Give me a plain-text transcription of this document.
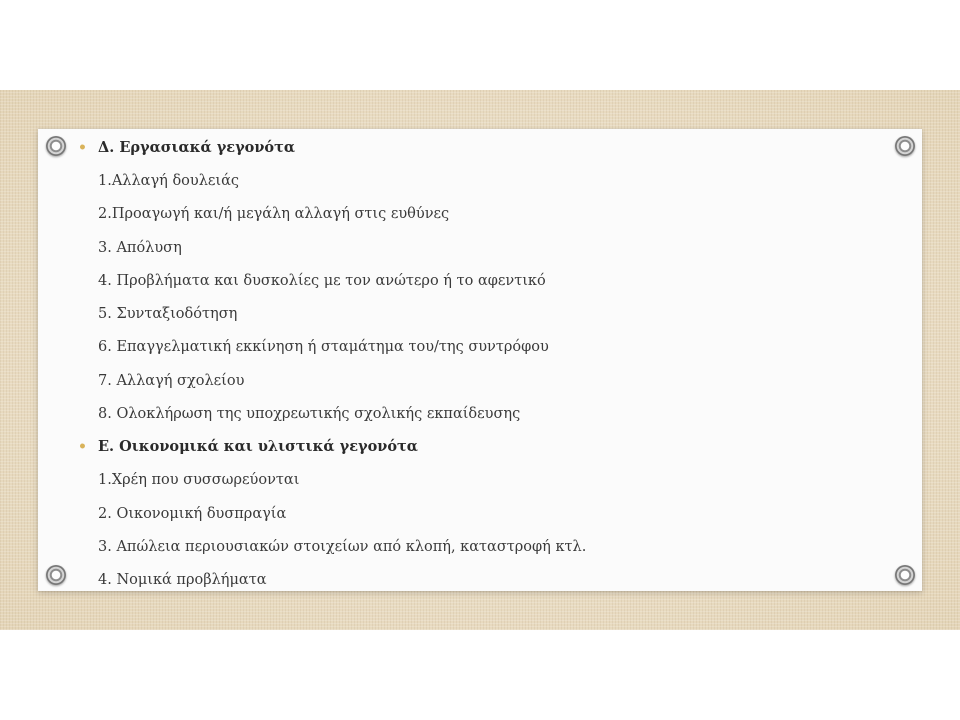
• Δ. Εργασιακά γεγονότα
1.Αλλαγή δουλειάς
2.Προαγωγή και/ή μεγάλη αλλαγή στις ευθύνες
3. Απόλυση
4. Προβλήματα και δυσκολίες με τον ανώτερο ή το αφεντικό
5. Συνταξιοδότηση
6. Επαγγελματική εκκίνηση ή σταμάτημα του/της συντρόφου
7. Αλλαγή σχολείου
8. Ολοκλήρωση της υποχρεωτικής σχολικής εκπαίδευσης
• Ε. Οικονομικά και υλιστικά γεγονότα
1.Χρέη που συσσωρεύονται
2. Οικονομική δυσπραγία
3. Απώλεια περιουσιακών στοιχείων από κλοπή, καταστροφή κτλ.
4. Νομικά προβλήματα
